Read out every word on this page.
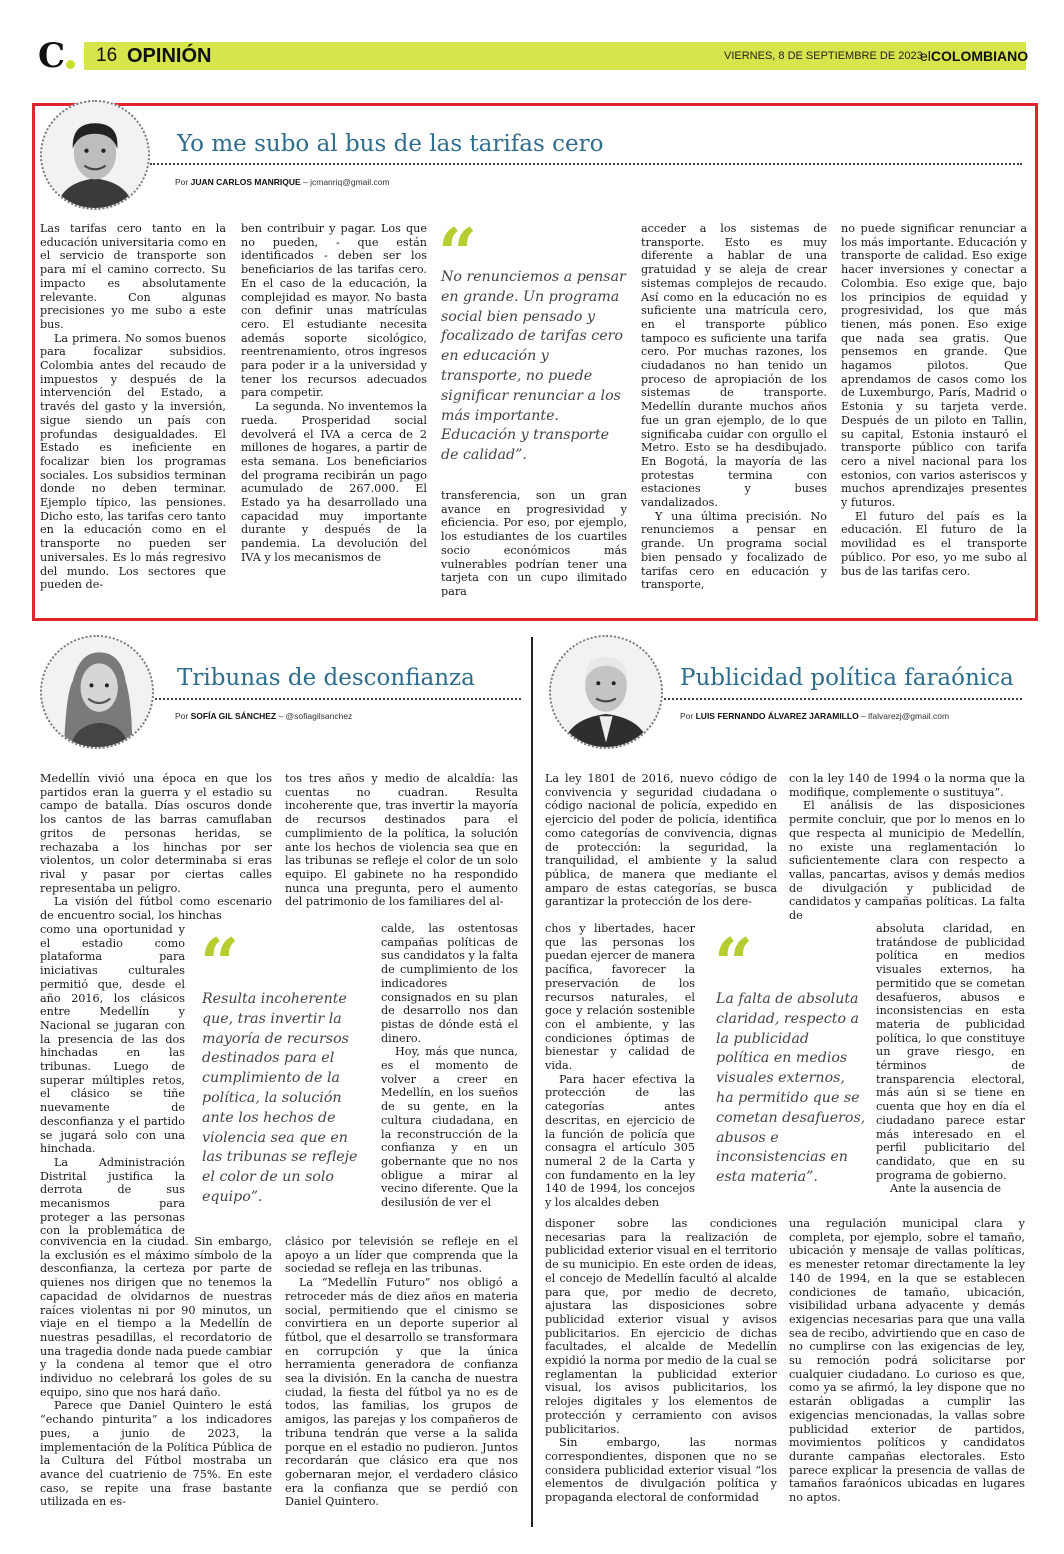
C 16 OPINIÓN	VIERNES, 8 DE SEPTIEMBRE DE 2023
elCOLOMBIANO
Yo me subo al bus de las tarifas cero
Por JUAN CARLOS MANRIQUE – jcmanriq@gmail.com

Las tarifas cero tanto en la educación universitaria como en el servicio de transporte son para mí el camino correcto. Su impacto es absolutamente relevante. Con algunas precisiones yo me subo a este bus.

La primera. No somos buenos para focalizar subsidios. Colombia antes del recaudo de impuestos y después de la intervención del Estado, a través del gasto y la inversión, sigue siendo un país con profundas desigualdades. El Estado es ineficiente en focalizar bien los programas sociales. Los subsidios terminan donde no deben terminar. Ejemplo típico, las pensiones. Dicho esto, las tarifas cero tanto en la educación como en el transporte no pueden ser universales. Es lo más regresivo del mundo. Los sectores que pueden de-

ben contribuir y pagar. Los que no pueden, - que están identificados - deben ser los beneficiarios de las tarifas cero. En el caso de la educación, la complejidad es mayor. No basta con definir unas matrículas cero. El estudiante necesita además soporte sicológico, reentrenamiento, otros ingresos para poder ir a la universidad y tener los recursos adecuados para competir.

La segunda. No inventemos la rueda. Prosperidad social devolverá el IVA a cerca de 2 millones de hogares, a partir de esta semana. Los beneficiarios del programa recibirán un pago acumulado de 267.000. El Estado ya ha desarrollado una capacidad muy importante durante y después de la pandemia. La devolución del IVA y los mecanismos de

“
No renunciemos a pensar en grande. Un programa social bien pensado y focalizado de tarifas cero en educación y transporte, no puede significar renunciar a los más importante. Educación y transporte de calidad”.

transferencia, son un gran avance en progresividad y eficiencia. Por eso, por ejemplo, los estudiantes de los cuartiles socio económicos más vulnerables podrían tener una tarjeta con un cupo ilimitado para

acceder a los sistemas de transporte. Esto es muy diferente a hablar de una gratuidad y se aleja de crear sistemas complejos de recaudo. Así como en la educación no es suficiente una matrícula cero, en el transporte público tampoco es suficiente una tarifa cero. Por muchas razones, los ciudadanos no han tenido un proceso de apropiación de los sistemas de transporte. Medellín durante muchos años fue un gran ejemplo, de lo que significaba cuidar con orgullo el Metro. Esto se ha desdibujado. En Bogotá, la mayoría de las protestas termina con estaciones y buses vandalizados.

Y una última precisión. No renunciemos a pensar en grande. Un programa social bien pensado y focalizado de tarifas cero en educación y transporte,

no puede significar renunciar a los más importante. Educación y transporte de calidad. Eso exige hacer inversiones y conectar a Colombia. Eso exige que, bajo los principios de equidad y progresividad, los que más tienen, más ponen. Eso exige que nada sea gratis. Que pensemos en grande. Que hagamos pilotos. Que aprendamos de casos como los de Luxemburgo, París, Madrid o Estonia y su tarjeta verde. Después de un piloto en Tallin, su capital, Estonia instauró el transporte público con tarifa cero a nivel nacional para los estonios, con varios asteriscos y muchos aprendizajes presentes y futuros.

El futuro del país es la educación. El futuro de la movilidad es el transporte público. Por eso, yo me subo al bus de las tarifas cero.

Tribunas de desconfianza
Por SOFÍA GIL SÁNCHEZ – @sofiagilsanchez

Medellín vivió una época en que los partidos eran la guerra y el estadio su campo de batalla. Días oscuros donde los cantos de las barras camuflaban gritos de personas heridas, se rechazaba a los hinchas por ser violentos, un color determinaba si eras rival y pasar por ciertas calles representaba un peligro.

La visión del fútbol como escenario de encuentro social, los hinchas

como una oportunidad y el estadio como plataforma para iniciativas culturales permitió que, desde el año 2016, los clásicos entre Medellín y Nacional se jugaran con la presencia de las dos hinchadas en las tribunas. Luego de superar múltiples retos, el clásico se tiñe nuevamente de desconfianza y el partido se jugará solo con una hinchada.

La Administración Distrital justifica la derrota de sus mecanismos para proteger a las personas con la problemática de

convivencia en la ciudad. Sin embargo, la exclusión es el máximo símbolo de la desconfianza, la certeza por parte de quienes nos dirigen que no tenemos la capacidad de olvidarnos de nuestras raíces violentas ni por 90 minutos, un viaje en el tiempo a la Medellín de nuestras pesadillas, el recordatorio de una tragedia donde nada puede cambiar y la condena al temor que el otro individuo no celebrará los goles de su equipo, sino que nos hará daño.

Parece que Daniel Quintero le está “echando pinturita” a los indicadores pues, a junio de 2023, la implementación de la Política Pública de la Cultura del Fútbol mostraba un avance del cuatrienio de 75%. En este caso, se repite una frase bastante utilizada en es-

tos tres años y medio de alcaldía: las cuentas no cuadran. Resulta incoherente que, tras invertir la mayoría de recursos destinados para el cumplimiento de la política, la solución ante los hechos de violencia sea que en las tribunas se refleje el color de un solo equipo. El gabinete no ha respondido nunca una pregunta, pero el aumento del patrimonio de los familiares del al-

calde, las ostentosas campañas políticas de sus candidatos y la falta de cumplimiento de los indicadores consignados en su plan de desarrollo nos dan pistas de dónde está el dinero.

Hoy, más que nunca, es el momento de volver a creer en Medellín, en los sueños de su gente, en la cultura ciudadana, en la reconstrucción de la confianza y en un gobernante que no nos obligue a mirar al vecino diferente. Que la desilusión de ver el

“
Resulta incoherente que, tras invertir la mayoría de recursos destinados para el cumplimiento de la política, la solución ante los hechos de violencia sea que en las tribunas se refleje el color de un solo equipo”.

clásico por televisión se refleje en el apoyo a un líder que comprenda que la sociedad se refleja en las tribunas.

La “Medellín Futuro” nos obligó a retroceder más de diez años en materia social, permitiendo que el cinismo se convirtiera en un deporte superior al fútbol, que el desarrollo se transformara en corrupción y que la única herramienta generadora de confianza sea la división. En la cancha de nuestra ciudad, la fiesta del fútbol ya no es de todos, las familias, los grupos de amigos, las parejas y los compañeros de tribuna tendrán que verse a la salida porque en el estadio no pudieron. Juntos recordarán que clásico era que nos gobernaran mejor, el verdadero clásico era la confianza que se perdió con Daniel Quintero.

Publicidad política faraónica
Por LUIS FERNANDO ÁLVAREZ JARAMILLO – lfalvarezj@gmail.com

La ley 1801 de 2016, nuevo código de convivencia y seguridad ciudadana o código nacional de policía, expedido en ejercicio del poder de policía, identifica como categorías de convivencia, dignas de protección: la seguridad, la tranquilidad, el ambiente y la salud pública, de manera que mediante el amparo de estas categorías, se busca garantizar la protección de los dere-

chos y libertades, hacer que las personas los puedan ejercer de manera pacífica, favorecer la preservación de los recursos naturales, el goce y relación sostenible con el ambiente, y las condiciones óptimas de bienestar y calidad de vida.

Para hacer efectiva la protección de las categorías antes descritas, en ejercicio de la función de policía que consagra el artículo 305 numeral 2 de la Carta y con fundamento en la ley 140 de 1994, los concejos y los alcaldes deben

disponer sobre las condiciones necesarias para la realización de publicidad exterior visual en el territorio de su municipio. En este orden de ideas, el concejo de Medellín facultó al alcalde para que, por medio de decreto, ajustara las disposiciones sobre publicidad exterior visual y avisos publicitarios. En ejercicio de dichas facultades, el alcalde de Medellín expidió la norma por medio de la cual se reglamentan la publicidad exterior visual, los avisos publicitarios, los relojes digitales y los elementos de protección y cerramiento con avisos publicitarios.

Sin embargo, las normas correspondientes, disponen que no se considera publicidad exterior visual “los elementos de divulgación política y propaganda electoral de conformidad

con la ley 140 de 1994 o la norma que la modifique, complemente o sustituya”.

El análisis de las disposiciones permite concluir, que por lo menos en lo que respecta al municipio de Medellín, no existe una reglamentación lo suficientemente clara con respecto a vallas, pancartas, avisos y demás medios de divulgación y publicidad de candidatos y campañas políticas. La falta de

absoluta claridad, en tratándose de publicidad política en medios visuales externos, ha permitido que se cometan desafueros, abusos e inconsistencias en esta materia de publicidad política, lo que constituye un grave riesgo, en términos de transparencia electoral, más aún si se tiene en cuenta que hoy en día el ciudadano parece estar más interesado en el perfil publicitario del candidato, que en su programa de gobierno.

Ante la ausencia de

“
La falta de absoluta claridad, respecto a la publicidad política en medios visuales externos, ha permitido que se cometan desafueros, abusos e inconsistencias en esta materia”.

una regulación municipal clara y completa, por ejemplo, sobre el tamaño, ubicación y mensaje de vallas políticas, es menester retomar directamente la ley 140 de 1994, en la que se establecen condiciones de tamaño, ubicación, visibilidad urbana adyacente y demás exigencias necesarias para que una valla sea de recibo, advirtiendo que en caso de no cumplirse con las exigencias de ley, su remoción podrá solicitarse por cualquier ciudadano. Lo curioso es que, como ya se afirmó, la ley dispone que no estarán obligadas a cumplir las exigencias mencionadas, la vallas sobre publicidad exterior de partidos, movimientos políticos y candidatos durante campañas electorales. Esto parece explicar la presencia de vallas de tamaños faraónicos ubicadas en lugares no aptos.
